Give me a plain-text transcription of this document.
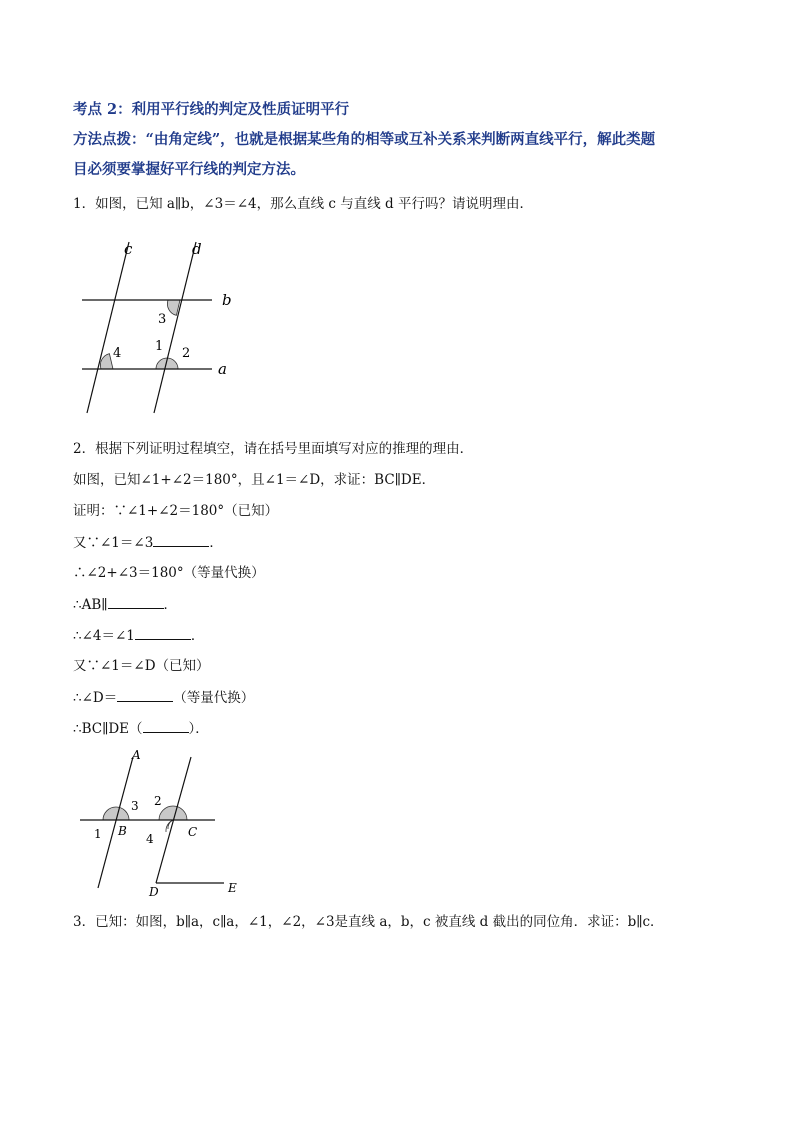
考点 2：利用平行线的判定及性质证明平行
方法点拨：“由角定线”，也就是根据某些角的相等或互补关系来判断两直线平行，解此类题
目必须要掌握好平行线的判定方法。
1．如图，已知 a∥b，∠3＝∠4，那么直线 c 与直线 d 平行吗？请说明理由．
c	d
b
a
3
4	1 2
2．根据下列证明过程填空，请在括号里面填写对应的推理的理由．
如图，已知∠1+∠2＝180°，且∠1＝∠D，求证：BC∥DE．
证明：∵∠1+∠2＝180°（已知）
又∵∠1＝∠3	．
∴∠2+∠3＝180°（等量代换）
∴AB∥	．
∴∠4＝∠1	．
又∵∠1＝∠D（已知）
∴∠D＝	（等量代换）
∴BC∥DE（	）．
A
B	C
D	E
1
2
3
4
3．已知：如图，b∥a，c∥a，∠1，∠2，∠3是直线 a，b，c 被直线 d 截出的同位角．求证：b∥c．
